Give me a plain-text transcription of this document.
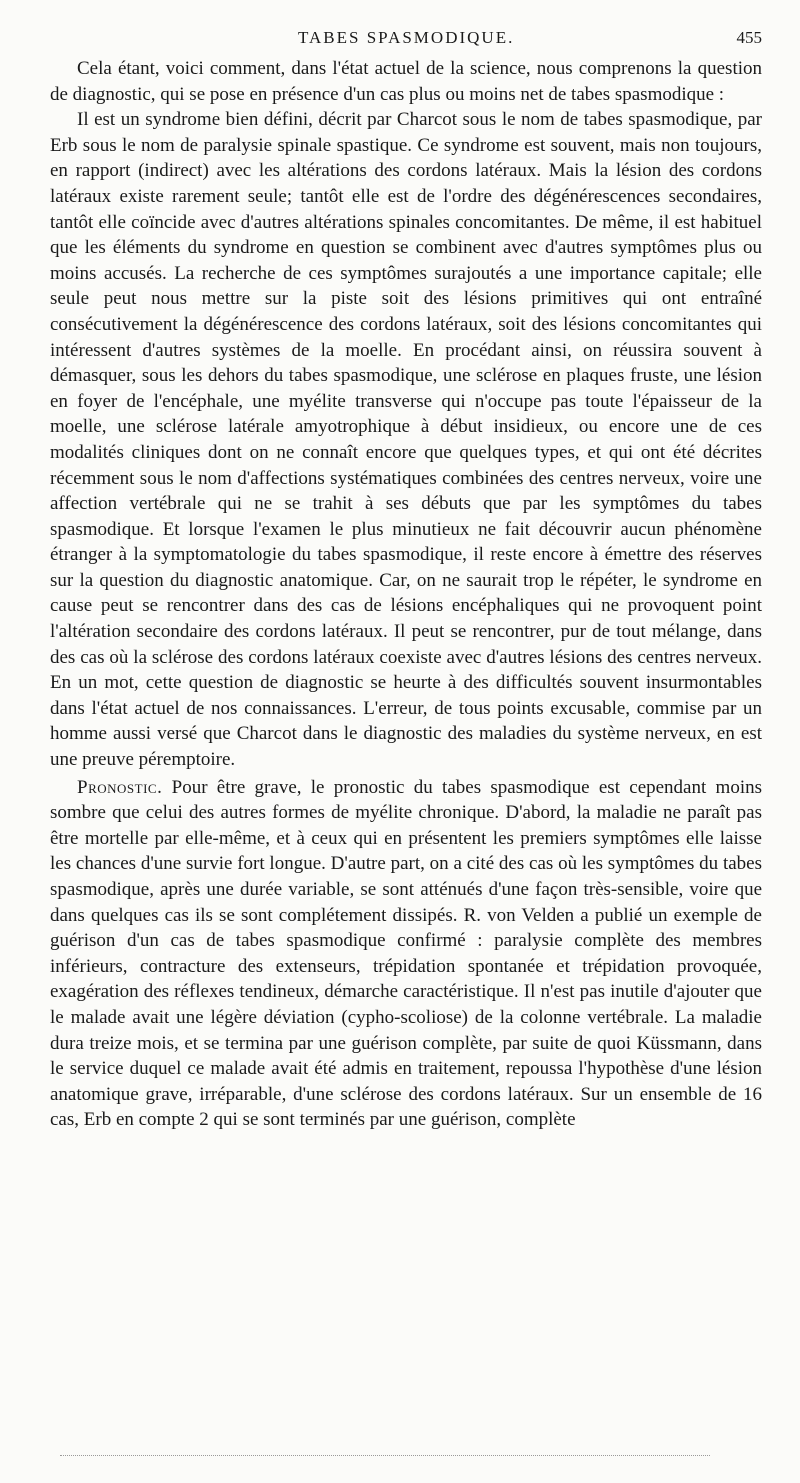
TABES SPASMODIQUE.	455

Cela étant, voici comment, dans l'état actuel de la science, nous comprenons la question de diagnostic, qui se pose en présence d'un cas plus ou moins net de tabes spasmodique :

Il est un syndrome bien défini, décrit par Charcot sous le nom de tabes spasmodique, par Erb sous le nom de paralysie spinale spastique. Ce syndrome est souvent, mais non toujours, en rapport (indirect) avec les altérations des cordons latéraux. Mais la lésion des cordons latéraux existe rarement seule; tantôt elle est de l'ordre des dégénérescences secondaires, tantôt elle coïncide avec d'autres altérations spinales concomitantes. De même, il est habituel que les éléments du syndrome en question se combinent avec d'autres symptômes plus ou moins accusés. La recherche de ces symptômes surajoutés a une importance capitale; elle seule peut nous mettre sur la piste soit des lésions primitives qui ont entraîné consécutivement la dégénérescence des cordons latéraux, soit des lésions concomitantes qui intéressent d'autres systèmes de la moelle. En procédant ainsi, on réussira souvent à démasquer, sous les dehors du tabes spasmodique, une sclérose en plaques fruste, une lésion en foyer de l'encéphale, une myélite transverse qui n'occupe pas toute l'épaisseur de la moelle, une sclérose latérale amyotrophique à début insidieux, ou encore une de ces modalités cliniques dont on ne connaît encore que quelques types, et qui ont été décrites récemment sous le nom d'affections systématiques combinées des centres nerveux, voire une affection vertébrale qui ne se trahit à ses débuts que par les symptômes du tabes spasmodique. Et lorsque l'examen le plus minutieux ne fait découvrir aucun phénomène étranger à la symptomatologie du tabes spasmodique, il reste encore à émettre des réserves sur la question du diagnostic anatomique. Car, on ne saurait trop le répéter, le syndrome en cause peut se rencontrer dans des cas de lésions encéphaliques qui ne provoquent point l'altération secondaire des cordons latéraux. Il peut se rencontrer, pur de tout mélange, dans des cas où la sclérose des cordons latéraux coexiste avec d'autres lésions des centres nerveux. En un mot, cette question de diagnostic se heurte à des difficultés souvent insurmontables dans l'état actuel de nos connaissances. L'erreur, de tous points excusable, commise par un homme aussi versé que Charcot dans le diagnostic des maladies du système nerveux, en est une preuve péremptoire.

Pronostic. Pour être grave, le pronostic du tabes spasmodique est cependant moins sombre que celui des autres formes de myélite chronique. D'abord, la maladie ne paraît pas être mortelle par elle-même, et à ceux qui en présentent les premiers symptômes elle laisse les chances d'une survie fort longue. D'autre part, on a cité des cas où les symptômes du tabes spasmodique, après une durée variable, se sont atténués d'une façon très-sensible, voire que dans quelques cas ils se sont complétement dissipés. R. von Velden a publié un exemple de guérison d'un cas de tabes spasmodique confirmé : paralysie complète des membres inférieurs, contracture des extenseurs, trépidation spontanée et trépidation provoquée, exagération des réflexes tendineux, démarche caractéristique. Il n'est pas inutile d'ajouter que le malade avait une légère déviation (cypho-scoliose) de la colonne vertébrale. La maladie dura treize mois, et se termina par une guérison complète, par suite de quoi Küssmann, dans le service duquel ce malade avait été admis en traitement, repoussa l'hypothèse d'une lésion anatomique grave, irréparable, d'une sclérose des cordons latéraux. Sur un ensemble de 16 cas, Erb en compte 2 qui se sont terminés par une guérison, complète
